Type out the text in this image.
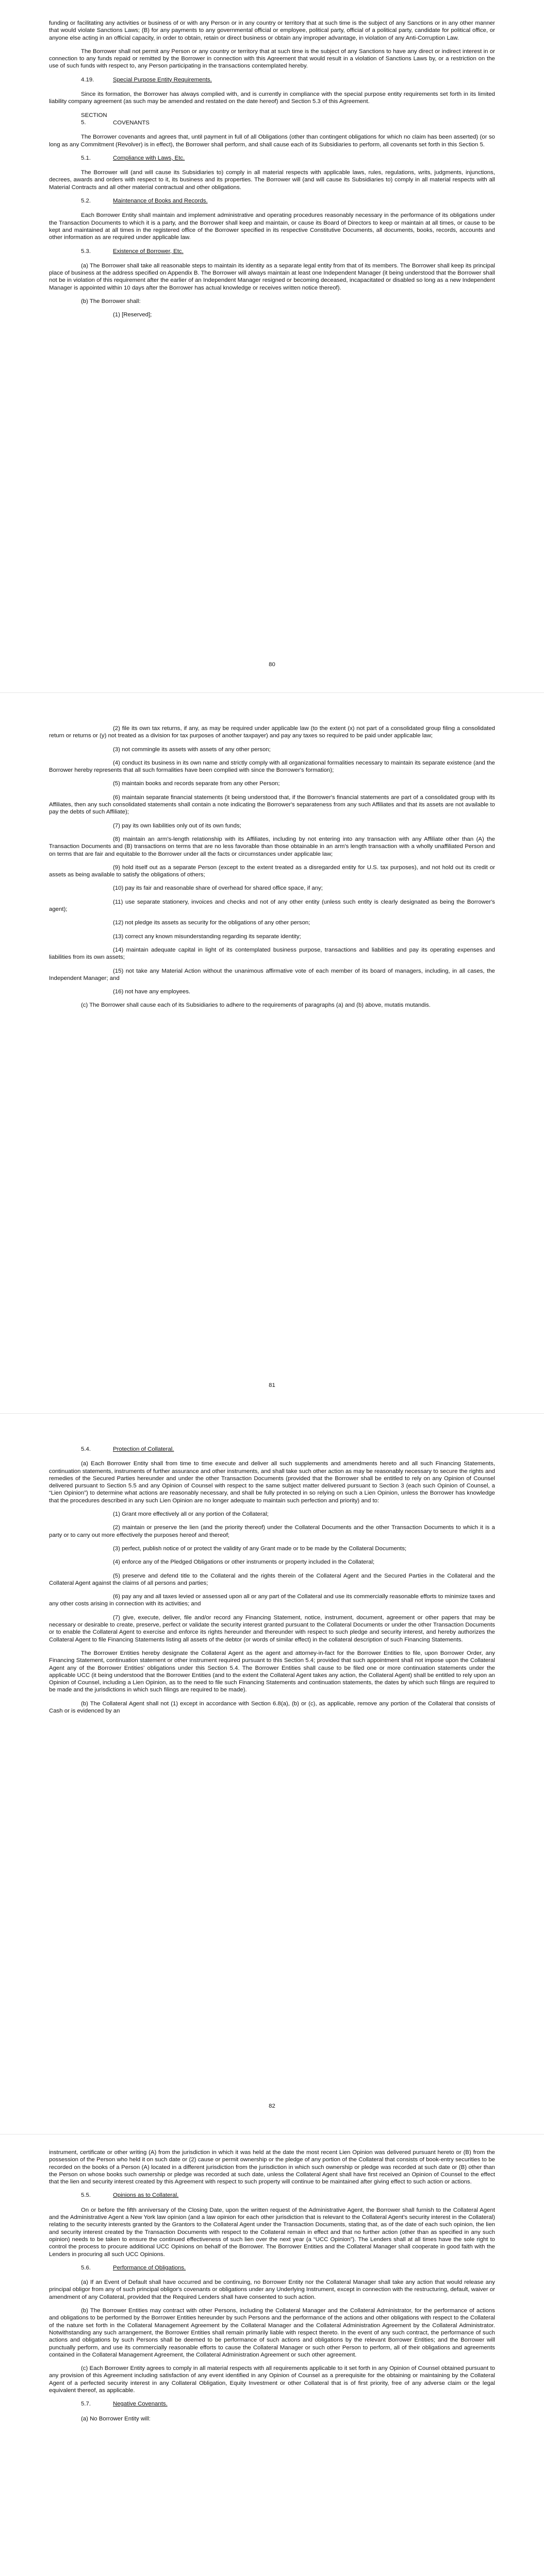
funding or facilitating any activities or business of or with any Person or in any country or territory that at such time is the subject of any Sanctions or in any other manner that would violate Sanctions Laws; (B) for any payments to any governmental official or employee, political party, official of a political party, candidate for political office, or anyone else acting in an official capacity, in order to obtain, retain or direct business or obtain any improper advantage, in violation of any Anti-Corruption Law.

The Borrower shall not permit any Person or any country or territory that at such time is the subject of any Sanctions to have any direct or indirect interest in or connection to any funds repaid or remitted by the Borrower in connection with this Agreement that would result in a violation of Sanctions Laws by, or a restriction on the use of such funds with respect to, any Person participating in the transactions contemplated hereby.

4.19.	Special Purpose Entity Requirements.

Since its formation, the Borrower has always complied with, and is currently in compliance with the special purpose entity requirements set forth in its limited liability company agreement (as such may be amended and restated on the date hereof) and Section 5.3 of this Agreement.

SECTION 5.	COVENANTS

The Borrower covenants and agrees that, until payment in full of all Obligations (other than contingent obligations for which no claim has been asserted) (or so long as any Commitment (Revolver) is in effect), the Borrower shall perform, and shall cause each of its Subsidiaries to perform, all covenants set forth in this Section 5.

5.1.	Compliance with Laws, Etc.

The Borrower will (and will cause its Subsidiaries to) comply in all material respects with applicable laws, rules, regulations, writs, judgments, injunctions, decrees, awards and orders with respect to it, its business and its properties. The Borrower will (and will cause its Subsidiaries to) comply in all material respects with all Material Contracts and all other material contractual and other obligations.

5.2.	Maintenance of Books and Records.

Each Borrower Entity shall maintain and implement administrative and operating procedures reasonably necessary in the performance of its obligations under the Transaction Documents to which it is a party, and the Borrower shall keep and maintain, or cause its Board of Directors to keep or maintain at all times, or cause to be kept and maintained at all times in the registered office of the Borrower specified in its respective Constitutive Documents, all documents, books, records, accounts and other information as are required under applicable law.

5.3.	Existence of Borrower, Etc.

(a) The Borrower shall take all reasonable steps to maintain its identity as a separate legal entity from that of its members. The Borrower shall keep its principal place of business at the address specified on Appendix B. The Borrower will always maintain at least one Independent Manager (it being understood that the Borrower shall not be in violation of this requirement after the earlier of an Independent Manager resigned or becoming deceased, incapacitated or disabled so long as a new Independent Manager is appointed within 10 days after the Borrower has actual knowledge or receives written notice thereof).

(b) The Borrower shall:

(1) [Reserved];

80

(2) file its own tax returns, if any, as may be required under applicable law (to the extent (x) not part of a consolidated group filing a consolidated return or returns or (y) not treated as a division for tax purposes of another taxpayer) and pay any taxes so required to be paid under applicable law;

(3) not commingle its assets with assets of any other person;

(4) conduct its business in its own name and strictly comply with all organizational formalities necessary to maintain its separate existence (and the Borrower hereby represents that all such formalities have been complied with since the Borrower's formation);

(5) maintain books and records separate from any other Person;

(6) maintain separate financial statements (it being understood that, if the Borrower's financial statements are part of a consolidated group with its Affiliates, then any such consolidated statements shall contain a note indicating the Borrower's separateness from any such Affiliates and that its assets are not available to pay the debts of such Affiliate);

(7) pay its own liabilities only out of its own funds;

(8) maintain an arm's-length relationship with its Affiliates, including by not entering into any transaction with any Affiliate other than (A) the Transaction Documents and (B) transactions on terms that are no less favorable than those obtainable in an arm's length transaction with a wholly unaffiliated Person and on terms that are fair and equitable to the Borrower under all the facts or circumstances under applicable law;

(9) hold itself out as a separate Person (except to the extent treated as a disregarded entity for U.S. tax purposes), and not hold out its credit or assets as being available to satisfy the obligations of others;

(10) pay its fair and reasonable share of overhead for shared office space, if any;

(11) use separate stationery, invoices and checks and not of any other entity (unless such entity is clearly designated as being the Borrower's agent);

(12) not pledge its assets as security for the obligations of any other person;

(13) correct any known misunderstanding regarding its separate identity;

(14) maintain adequate capital in light of its contemplated business purpose, transactions and liabilities and pay its operating expenses and liabilities from its own assets;

(15) not take any Material Action without the unanimous affirmative vote of each member of its board of managers, including, in all cases, the Independent Manager; and

(16) not have any employees.

(c) The Borrower shall cause each of its Subsidiaries to adhere to the requirements of paragraphs (a) and (b) above, mutatis mutandis.

81
5.4.	Protection of Collateral.

(a) Each Borrower Entity shall from time to time execute and deliver all such supplements and amendments hereto and all such Financing Statements, continuation statements, instruments of further assurance and other instruments, and shall take such other action as may be reasonably necessary to secure the rights and remedies of the Secured Parties hereunder and under the other Transaction Documents (provided that the Borrower shall be entitled to rely on any Opinion of Counsel delivered pursuant to Section 5.5 and any Opinion of Counsel with respect to the same subject matter delivered pursuant to Section 3 (each such Opinion of Counsel, a “Lien Opinion”) to determine what actions are reasonably necessary, and shall be fully protected in so relying on such a Lien Opinion, unless the Borrower has knowledge that the procedures described in any such Lien Opinion are no longer adequate to maintain such perfection and priority) and to:

(1) Grant more effectively all or any portion of the Collateral;

(2) maintain or preserve the lien (and the priority thereof) under the Collateral Documents and the other Transaction Documents to which it is a party or to carry out more effectively the purposes hereof and thereof;

(3) perfect, publish notice of or protect the validity of any Grant made or to be made by the Collateral Documents;

(4) enforce any of the Pledged Obligations or other instruments or property included in the Collateral;

(5) preserve and defend title to the Collateral and the rights therein of the Collateral Agent and the Secured Parties in the Collateral and the Collateral Agent against the claims of all persons and parties;

(6) pay any and all taxes levied or assessed upon all or any part of the Collateral and use its commercially reasonable efforts to minimize taxes and any other costs arising in connection with its activities; and

(7) give, execute, deliver, file and/or record any Financing Statement, notice, instrument, document, agreement or other papers that may be necessary or desirable to create, preserve, perfect or validate the security interest granted pursuant to the Collateral Documents or under the other Transaction Documents or to enable the Collateral Agent to exercise and enforce its rights hereunder and thereunder with respect to such pledge and security interest, and hereby authorizes the Collateral Agent to file Financing Statements listing all assets of the debtor (or words of similar effect) in the collateral description of such Financing Statements.

The Borrower Entities hereby designate the Collateral Agent as the agent and attorney-in-fact for the Borrower Entities to file, upon Borrower Order, any Financing Statement, continuation statement or other instrument required pursuant to this Section 5.4; provided that such appointment shall not impose upon the Collateral Agent any of the Borrower Entities' obligations under this Section 5.4. The Borrower Entities shall cause to be filed one or more continuation statements under the applicable UCC (it being understood that the Borrower Entities (and to the extent the Collateral Agent takes any action, the Collateral Agent) shall be entitled to rely upon an Opinion of Counsel, including a Lien Opinion, as to the need to file such Financing Statements and continuation statements, the dates by which such filings are required to be made and the jurisdictions in which such filings are required to be made).

(b) The Collateral Agent shall not (1) except in accordance with Section 6.8(a), (b) or (c), as applicable, remove any portion of the Collateral that consists of Cash or is evidenced by an

82

instrument, certificate or other writing (A) from the jurisdiction in which it was held at the date the most recent Lien Opinion was delivered pursuant hereto or (B) from the possession of the Person who held it on such date or (2) cause or permit ownership or the pledge of any portion of the Collateral that consists of book-entry securities to be recorded on the books of a Person (A) located in a different jurisdiction from the jurisdiction in which such ownership or pledge was recorded at such date or (B) other than the Person on whose books such ownership or pledge was recorded at such date, unless the Collateral Agent shall have first received an Opinion of Counsel to the effect that the lien and security interest created by this Agreement with respect to such property will continue to be maintained after giving effect to such action or actions.

5.5.	Opinions as to Collateral.

On or before the fifth anniversary of the Closing Date, upon the written request of the Administrative Agent, the Borrower shall furnish to the Collateral Agent and the Administrative Agent a New York law opinion (and a law opinion for each other jurisdiction that is relevant to the Collateral Agent's security interest in the Collateral) relating to the security interests granted by the Grantors to the Collateral Agent under the Transaction Documents, stating that, as of the date of each such opinion, the lien and security interest created by the Transaction Documents with respect to the Collateral remain in effect and that no further action (other than as specified in any such opinion) needs to be taken to ensure the continued effectiveness of such lien over the next year (a “UCC Opinion”). The Lenders shall at all times have the sole right to control the process to procure additional UCC Opinions on behalf of the Borrower. The Borrower Entities and the Collateral Manager shall cooperate in good faith with the Lenders in procuring all such UCC Opinions.

5.6.	Performance of Obligations.

(a) If an Event of Default shall have occurred and be continuing, no Borrower Entity nor the Collateral Manager shall take any action that would release any principal obligor from any of such principal obligor's covenants or obligations under any Underlying Instrument, except in connection with the restructuring, default, waiver or amendment of any Collateral, provided that the Required Lenders shall have consented to such action.

(b) The Borrower Entities may contract with other Persons, including the Collateral Manager and the Collateral Administrator, for the performance of actions and obligations to be performed by the Borrower Entities hereunder by such Persons and the performance of the actions and other obligations with respect to the Collateral of the nature set forth in the Collateral Management Agreement by the Collateral Manager and the Collateral Administration Agreement by the Collateral Administrator. Notwithstanding any such arrangement, the Borrower Entities shall remain primarily liable with respect thereto. In the event of any such contract, the performance of such actions and obligations by such Persons shall be deemed to be performance of such actions and obligations by the relevant Borrower Entities; and the Borrower will punctually perform, and use its commercially reasonable efforts to cause the Collateral Manager or such other Person to perform, all of their obligations and agreements contained in the Collateral Management Agreement, the Collateral Administration Agreement or such other agreement.

(c) Each Borrower Entity agrees to comply in all material respects with all requirements applicable to it set forth in any Opinion of Counsel obtained pursuant to any provision of this Agreement including satisfaction of any event identified in any Opinion of Counsel as a prerequisite for the obtaining or maintaining by the Collateral Agent of a perfected security interest in any Collateral Obligation, Equity Investment or other Collateral that is of first priority, free of any adverse claim or the legal equivalent thereof, as applicable.

5.7.	Negative Covenants.

(a) No Borrower Entity will:
